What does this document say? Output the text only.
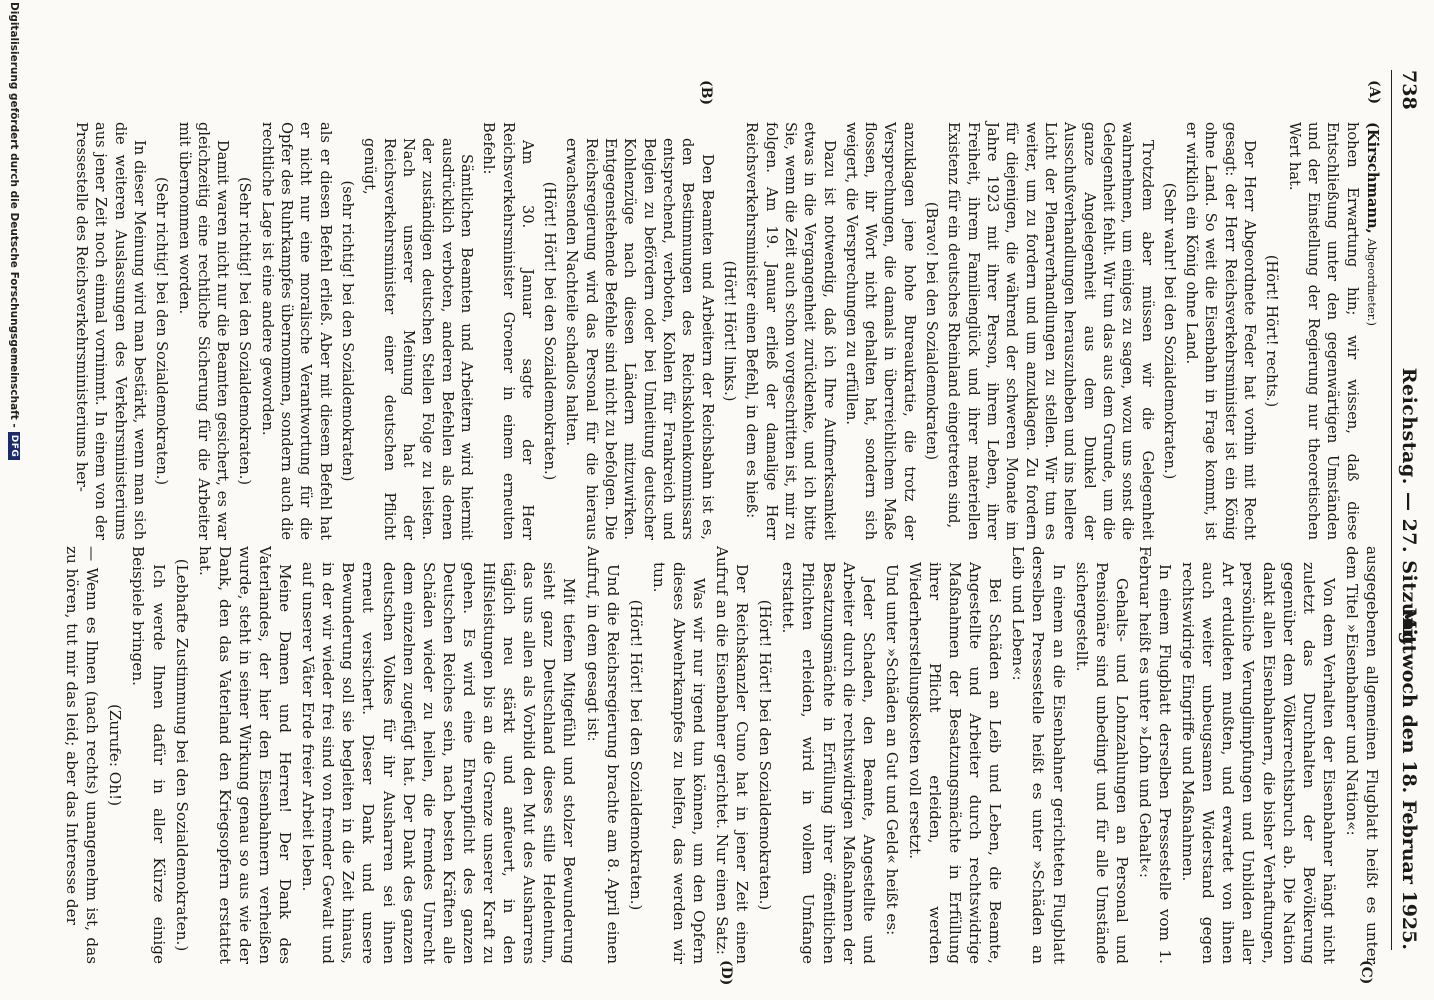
738
Reichstag. — 27. Sitzung.
Mittwoch den 18. Februar 1925.
(A)
(B)
(C)
(D)

(Kirschmann, Abgeordneter.)

hohen Erwartung hin; wir wissen, daß diese Entschließung unter den gegenwärtigen Umständen und der Einstellung der Regierung nur theoretischen Wert hat.

(Hört! Hört! rechts.)

Der Herr Abgeordnete Feder hat vorhin mit Recht gesagt: der Herr Reichsverkehrsminister ist ein König ohne Land. So weit die Eisenbahn in Frage kommt, ist er wirklich ein König ohne Land.

(Sehr wahr! bei den Sozialdemokraten.)

Trotzdem aber müssen wir die Gelegenheit wahrnehmen, um einiges zu sagen, wozu uns sonst die Gelegenheit fehlt. Wir tun das aus dem Grunde, um die ganze Angelegenheit aus dem Dunkel der Ausschußverhandlungen herauszuheben und ins hellere Licht der Plenarverhandlungen zu stellen. Wir tun es weiter, um zu fordern und um anzuklagen. Zu fordern für diejenigen, die während der schweren Monate im Jahre 1923 mit ihrer Person, ihrem Leben, ihrer Freiheit, ihrem Familienglück und ihrer materiellen Existenz für ein deutsches Rheinland eingetreten sind,

(Bravo! bei den Sozialdemokraten)

anzuklagen jene hohe Bureaukratie, die trotz der Versprechungen, die damals in überreichlichem Maße flossen, ihr Wort nicht gehalten hat, sondern sich weigert, die Versprechungen zu erfüllen.

Dazu ist notwendig, daß ich Ihre Aufmerksamkeit etwas in die Vergangenheit zurücklenke, und ich bitte Sie, wenn die Zeit auch schon vorgeschritten ist, mir zu folgen. Am 19. Januar erließ der damalige Herr Reichsverkehrsminister einen Befehl, in dem es hieß:

(Hört! Hört! links.)

Den Beamten und Arbeitern der Reichsbahn ist es, den Bestimmungen des Reichskohlenkommissars entsprechend, verboten, Kohlen für Frankreich und Belgien zu befördern oder bei Umleitung deutscher Kohlenzüge nach diesen Ländern mitzuwirken. Entgegenstehende Befehle sind nicht zu befolgen. Die Reichsregierung wird das Personal für die hieraus erwachsenden Nachteile schadlos halten.

(Hört! Hört! bei den Sozialdemokraten.)

Am 30. Januar sagte der Herr Reichsverkehrsminister Groener in einem erneuten Befehl:

Sämtlichen Beamten und Arbeitern wird hiermit ausdrücklich verboten, anderen Befehlen als denen der zuständigen deutschen Stellen Folge zu leisten. Nach unserer Meinung hat der Reichsverkehrsminister einer deutschen Pflicht genügt,

(sehr richtig! bei den Sozialdemokraten)

als er diesen Befehl erließ. Aber mit diesem Befehl hat er nicht nur eine moralische Verantwortung für die Opfer des Ruhrkampfes übernommen, sondern auch die rechtliche Lage ist eine andere geworden.

(Sehr richtig! bei den Sozialdemokraten.)

Damit waren nicht nur die Beamten gesichert, es war gleichzeitig eine rechtliche Sicherung für die Arbeiter mit übernommen worden.

(Sehr richtig! bei den Sozialdemokraten.)

In dieser Meinung wird man bestärkt, wenn man sich die weiteren Auslassungen des Verkehrsministeriums aus jener Zeit noch einmal vornimmt. In einem von der Pressestelle des Reichsverkehrsministeriums her-

ausgegebenen allgemeinen Flugblatt heißt es unter dem Titel »Eisenbahner und Nation«:

Von dem Verhalten der Eisenbahner hängt nicht zuletzt das Durchhalten der Bevölkerung gegenüber dem Völkerrechtsbruch ab. Die Nation dankt allen Eisenbahnern, die bisher Verhaftungen, persönliche Verunglimpfungen und Unbilden aller Art erduldeten mußten, und erwartet von ihnen auch weiter unbeugsamen Widerstand gegen rechtswidrige Eingriffe und Maßnahmen.

In einem Flugblatt derselben Pressestelle vom 1. Februar heißt es unter »Lohn und Gehalt«:

Gehalts- und Lohnzahlungen an Personal und Pensionäre sind unbedingt und für alle Umstände sichergestellt.

In einem an die Eisenbahner gerichteten Flugblatt derselben Pressestelle heißt es unter »Schäden an Leib und Leben«:

Bei Schäden an Leib und Leben, die Beamte, Angestellte und Arbeiter durch rechtswidrige Maßnahmen der Besatzungsmächte in Erfüllung ihrer Pflicht erleiden, werden Wiederherstellungskosten voll ersetzt.

Und unter »Schäden an Gut und Geld« heißt es:

Jeder Schaden, den Beamte, Angestellte und Arbeiter durch die rechtswidrigen Maßnahmen der Besatzungsmächte in Erfüllung ihrer öffentlichen Pflichten erleiden, wird in vollem Umfange erstattet.

(Hört! Hört! bei den Sozialdemokraten.)

Der Reichskanzler Cuno hat in jener Zeit einen Aufruf an die Eisenbahner gerichtet. Nur einen Satz:

Was wir nur irgend tun können, um den Opfern dieses Abwehrkampfes zu helfen, das werden wir tun.

(Hört! Hört! bei den Sozialdemokraten.)

Und die Reichsregierung brachte am 8. April einen Aufruf, in dem gesagt ist:

Mit tiefem Mitgefühl und stolzer Bewunderung sieht ganz Deutschland dieses stille Heldentum, das uns allen als Vorbild den Mut des Ausharrens täglich neu stärkt und anfeuert, in den Hilfsleistungen bis an die Grenze unserer Kraft zu gehen. Es wird eine Ehrenpflicht des ganzen Deutschen Reiches sein, nach besten Kräften alle Schäden wieder zu heilen, die fremdes Unrecht dem einzelnen zugefügt hat. Der Dank des ganzen deutschen Volkes für ihr Ausharren sei ihnen erneut versichert. Dieser Dank und unsere Bewunderung soll sie begleiten in die Zeit hinaus, in der wir wieder frei sind von fremder Gewalt und auf unserer Väter Erde freier Arbeit leben.

Meine Damen und Herren! Der Dank des Vaterlandes, der hier den Eisenbahnern verheißen wurde, steht in seiner Wirkung genau so aus wie der Dank, den das Vaterland den Kriegsopfern erstattet hat.

(Lebhafte Zustimmung bei den Sozialdemokraten.)

Ich werde Ihnen dafür in aller Kürze einige Beispiele bringen.

(Zurufe: Oh!)

— Wenn es Ihnen (nach rechts) unangenehm ist, das zu hören, tut mir das leid; aber das Interesse der

Digitalisierung gefördert durch die Deutsche Forschungsgemeinschaft -
DFG
